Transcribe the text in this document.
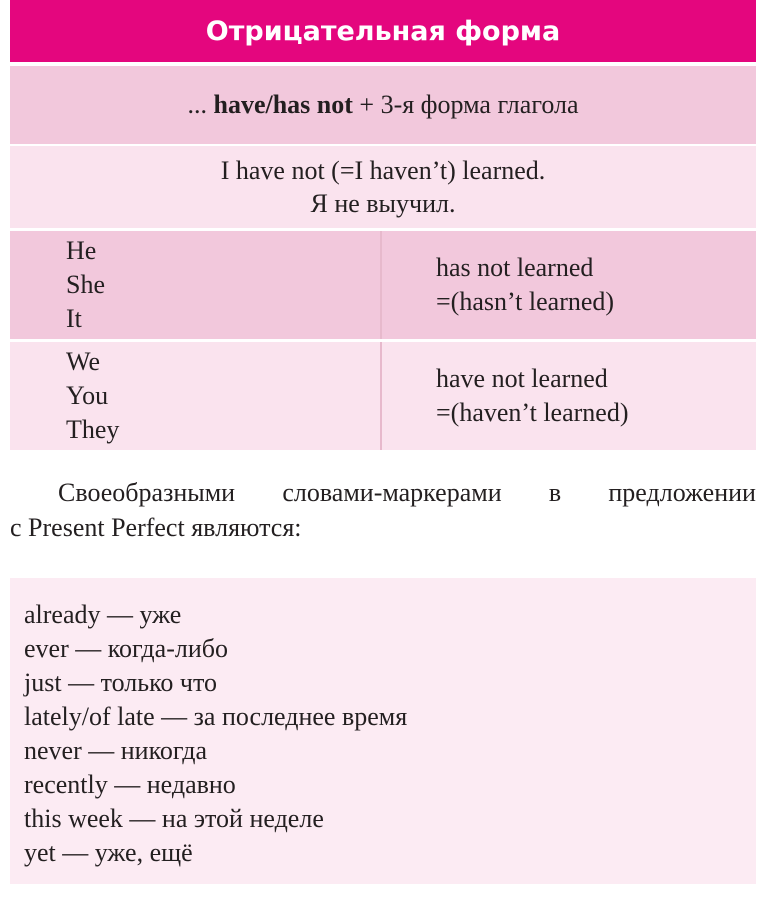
Отрицательная форма
... have/has not + 3-я форма глагола
I have not (=I haven’t) learned.
Я не выучил.
He
She
It
has not learned
=(hasn’t learned)
We
You
They
have not learned
=(haven’t learned)
Своеобразными словами-маркерами в предложении
с Present Perfect являются:
already — уже
ever — когда-либо
just — только что
lately/of late — за последнее время
never — никогда
recently — недавно
this week — на этой неделе
yet — уже, ещё
